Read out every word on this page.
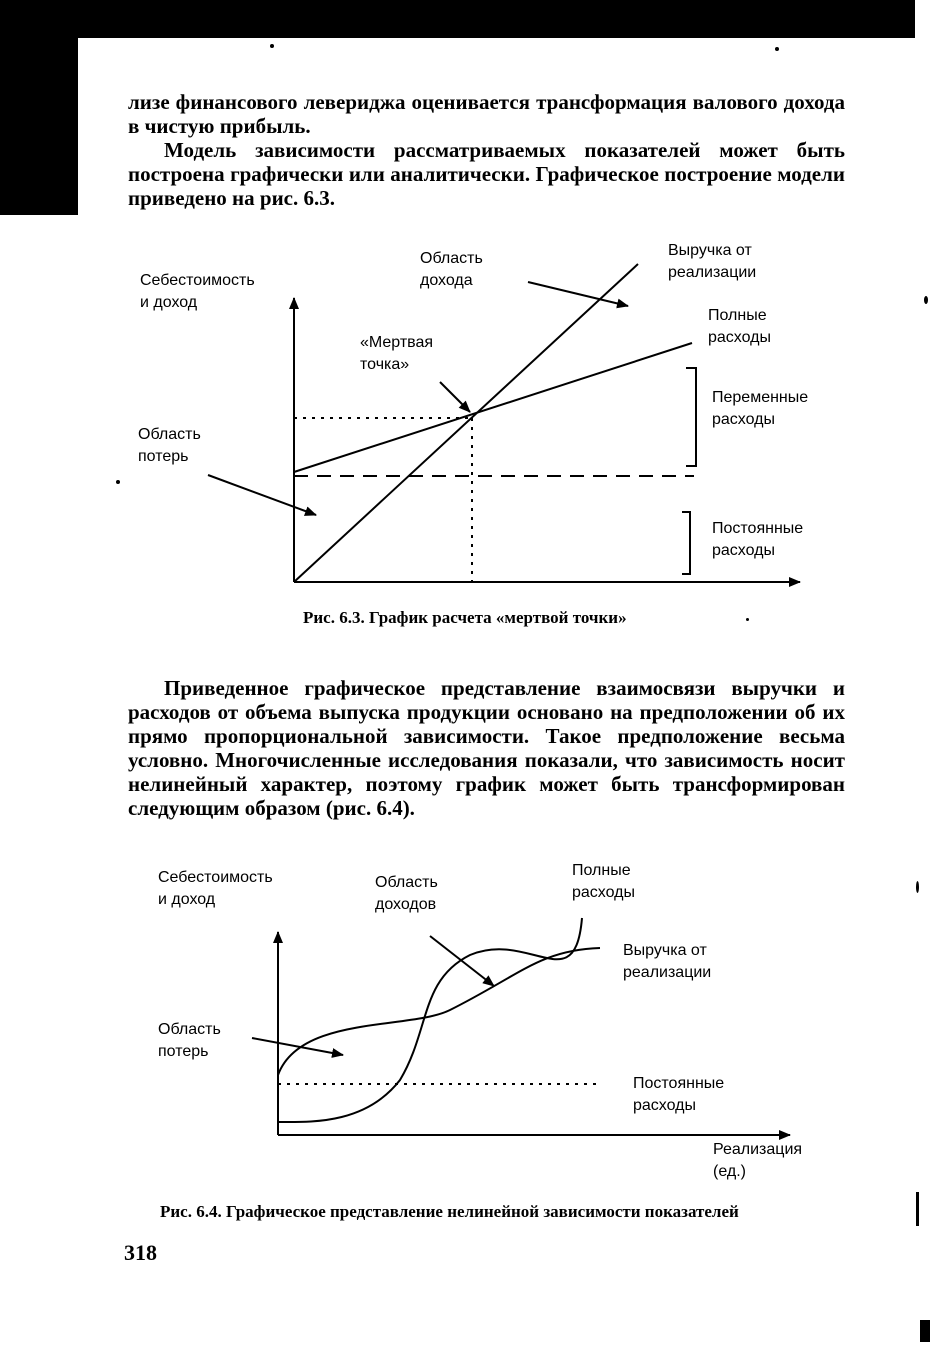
лизе финансового левериджа оценивается трансформация валового дохода в чистую прибыль.
Модель зависимости рассматриваемых показателей может быть построена графически или аналитически. Графическое построение модели приведено на рис. 6.3.
Себестоимость
и доход
Область
дохода
Выручка от
реализации
Полные
расходы
«Мертвая
точка»
Переменные
расходы
Область
потерь
Постоянные
расходы
Рис. 6.3. График расчета «мертвой точки»
Приведенное графическое представление взаимосвязи выручки и расходов от объема выпуска продукции основано на предположении об их прямо пропорциональной зависимости. Такое предположение весьма условно. Многочисленные исследования показали, что зависимость носит нелинейный характер, поэтому график может быть трансформирован следующим образом (рис. 6.4).
Себестоимость
и доход
Область
доходов
Полные
расходы
Выручка от
реализации
Область
потерь
Постоянные
расходы
Реализация
(ед.)
Рис. 6.4. Графическое представление нелинейной зависимости показателей
318
